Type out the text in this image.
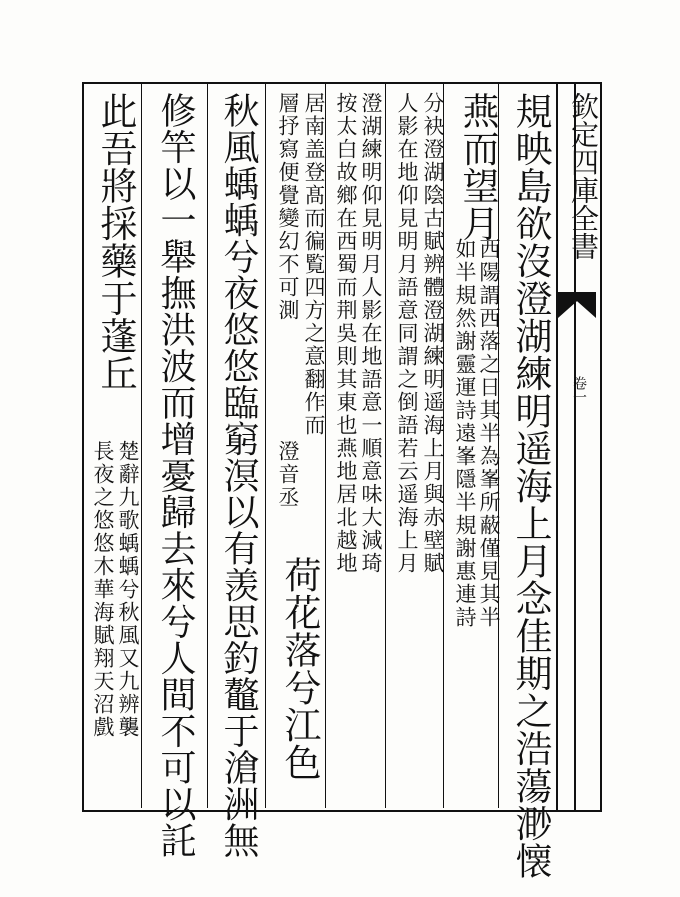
欽定四庫全書
卷一
規映島欲沒澄湖練明遥海上月念佳期之浩蕩渺懐
燕而望月
西陽謂西落之日其半為峯所蔽僅見其半
如半規然謝靈運詩遠峯隱半規謝惠連詩
分袂澄湖陰古賦辨體澄湖練明遥海上月與赤壁賦
人影在地仰見明月語意同謂之倒語若云遥海上月
澄湖練明仰見明月人影在地語意一順意味大減琦
按太白故鄉在西蜀而荆吳則其東也燕地居北越地
居南盖登髙而徧覧四方之意翻作而
層抒寫便覺變幻不可測
澄音丞
荷花落兮江色
秋風蝺蝺兮夜悠悠臨窮溟以有羡思釣鼇于滄洲無
修竿以一舉撫洪波而增憂歸去來兮人間不可以託
此吾將採藥于蓬丘
楚辭九歌蝺蝺兮秋風又九辨襲
長夜之悠悠木華海賦翔天沼戲
